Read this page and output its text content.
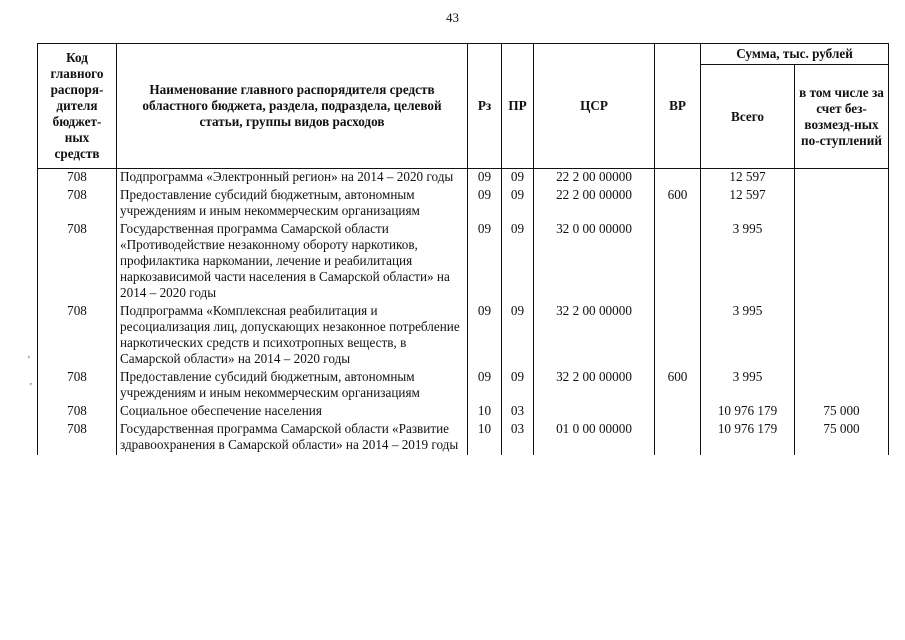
43
Код главного распоря-дителя бюджет-ных средств	Наименование главного распорядителя средств областного бюджета, раздела, подраздела, целевой статьи, группы видов расходов	Рз	ПР	ЦСР	ВР	Сумма, тыс. рублей	
						Всего	в том числе за счет без-возмезд-ных по-ступлений
708	Подпрограмма «Электронный регион» на 2014 – 2020 годы	09	09	22 2 00 00000		12 597	
708	Предоставление субсидий бюджетным, автономным учреждениям и иным некоммерческим организациям	09	09	22 2 00 00000	600	12 597	
708	Государственная программа Самарской области «Противодействие незаконному обороту наркотиков, профилактика наркомании, лечение и реабилитация наркозависимой части населения в Самарской области» на 2014 – 2020 годы	09	09	32 0 00 00000		3 995	
708	Подпрограмма «Комплексная реабилитация и ресоциализация лиц, допускающих незаконное потребление наркотических средств и психотропных веществ, в Самарской области» на 2014 – 2020 годы	09	09	32 2 00 00000		3 995	
708	Предоставление субсидий бюджетным, автономным учреждениям и иным некоммерческим организациям	09	09	32 2 00 00000	600	3 995	
708	Социальное обеспечение населения	10	03			10 976 179	75 000
708	Государственная программа Самарской области «Развитие здравоохранения в Самарской области» на 2014 – 2019 годы	10	03	01 0 00 00000		10 976 179	75 000
'
'
